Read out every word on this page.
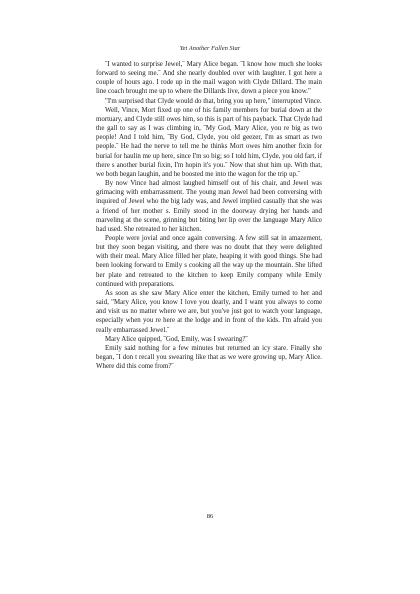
Yet Another Fallen Star

˝I wanted to surprise Jewel,˝ Mary Alice began. ˝I know how much she looks forward to seeing me.˝ And she nearly doubled over with laughter. I got here a couple of hours ago. I rode up in the mail wagon with Clyde Dillard. The main line coach brought me up to where the Dillards live, down a piece you know."

"I'm surprised that Clyde would do that, bring you up here," interrupted Vince.

Well, Vince, Mort fixed up one of his family members for burial down at the mortuary, and Clyde still owes him, so this is part of his payback. That Clyde had the gall to say as I was climbing in, ˝My God, Mary Alice, you re big as two people! And I told him, ˝By God, Clyde, you old geezer, I'm as smart as two people.˝ He had the nerve to tell me he thinks Mort owes him another fixin for burial for haulin me up here, since I'm so big; so I told him, Clyde, you old fart, if there s another burial fixin, I'm hopin it's you.˝ Now that shut him up. With that, we both began laughin, and he boosted me into the wagon for the trip up.˝

By now Vince had almost laughed himself out of his chair, and Jewel was grimacing with embarrassment. The young man Jewel had been conversing with inquired of Jewel who the big lady was, and Jewel implied casually that she was a friend of her mother s. Emily stood in the doorway drying her hands and marveling at the scene, grinning but biting her lip over the language Mary Alice had used. She retreated to her kitchen.

People were jovial and once again conversing. A few still sat in amazement, but they soon began visiting, and there was no doubt that they were delighted with their meal. Mary Alice filled her plate, heaping it with good things. She had been looking forward to Emily s cooking all the way up the mountain. She lifted her plate and retreated to the kitchen to keep Emily company while Emily continued with preparations.

As soon as she saw Mary Alice enter the kitchen, Emily turned to her and said, "Mary Alice, you know I love you dearly, and I want you always to come and visit us no matter where we are, but you've just got to watch your language, especially when you re here at the lodge and in front of the kids. I'm afraid you really embarrassed Jewel.˝

Mary Alice quipped, ˝God, Emily, was I swearing?˝

Emily said nothing for a few minutes but returned an icy stare. Finally she began, ˝I don t recall you swearing like that as we were growing up, Mary Alice. Where did this come from?˝

86
